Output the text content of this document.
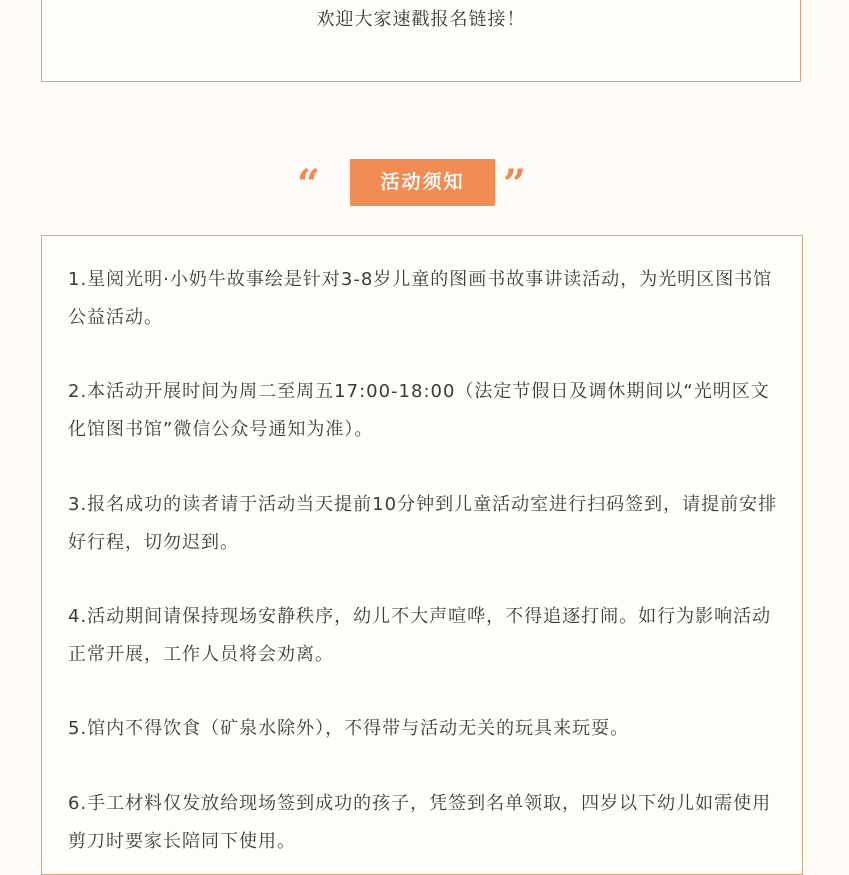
欢迎大家速戳报名链接！
“	活动须知 ”
1.星阅光明·小奶牛故事绘是针对3-8岁儿童的图画书故事讲读活动，为光明区图书馆公益活动。
2.本活动开展时间为周二至周五17:00-18:00（法定节假日及调休期间以“光明区文化馆图书馆”微信公众号通知为准）。
3.报名成功的读者请于活动当天提前10分钟到儿童活动室进行扫码签到，请提前安排好行程，切勿迟到。
4.活动期间请保持现场安静秩序，幼儿不大声喧哗，不得追逐打闹。如行为影响活动正常开展，工作人员将会劝离。
5.馆内不得饮食（矿泉水除外），不得带与活动无关的玩具来玩耍。
6.手工材料仅发放给现场签到成功的孩子，凭签到名单领取，四岁以下幼儿如需使用剪刀时要家长陪同下使用。
